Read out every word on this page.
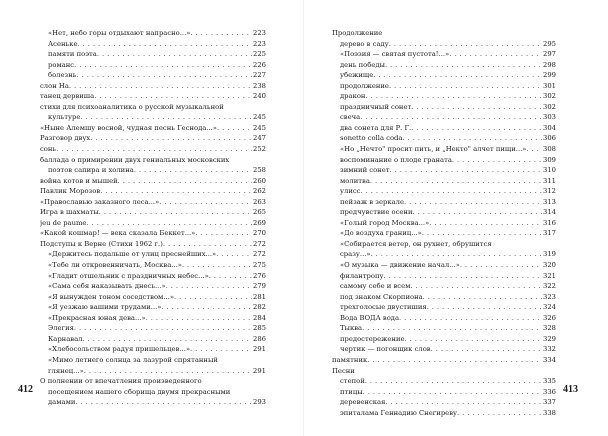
«Нет, небо горы отдыхают напрасно...» . . .	223
Асеньке . . .	223
памяти поэта . . .	225
романс . . .	226
болезнь . . .	227
слон На . . .	238
танец дервиша . . .	240
стихи для психоаналитика о русской музыкальной
культуре . . .	245
«Ныне Алемшу восной, чудная песнь Геснода...» . . .	245
Разговор двух . . .	247
сонь . . .	252
баллада о примирении двух гениальных московских
поэтов сапира и холина . . .	258
война котов и мышей . . .	260
Павлик Морозов . . .	262
«Православью заказного леса...» . . .	263
Игра в шахматы . . .	265
jeu de paume . . .	269
«Какой кошмар! — века сказала Беккет...» . . .	270
Подступы к Верне (Стихи 1962 г.) . . .	272
«Держитесь подальше от улиц преснейших...» . . .	272
«Тебе ли откровенничать, Москва...» . . .	275
«Гладит отшельник с праздничных небес...» . . .	276
«Сама себя наказывать днесь...» . . .	279
«Я вынужден тоном соседством...» . . .	281
«Я уезжаю вашими трудами...» . . .	282
«Прекрасная юная дева...» . . .	284
Элегия . . .	285
Карнавал . . .	286
«Хлебосольством радуя пришельцев...» . . .	291
«Мимо летнего солнца за лазурой спрятанный
глянец...» . . .	291
О полнении от впечатления произведенного
посещением нашего сборища двумя прекрасными
дамами . . .	293
Продолжение
дерево в саду . . .	295
«Поэзия — святая пустота!...» . . .	297
день победы . . .	298
убежище . . .	299
продолжение . . .	301
дракон . . .	302
праздничный сонет . . .	302
свеча . . .	303
два сонета для Р. Г. . . .	304
sonetto colla coda . . .	306
«Но „Нечто" просит пить, и „Некто" алчет пищи...» . . . 308
воспоминание о плоде граната . . .	309
зимний сонет . . .	310
молитва . . .	311
улисс . . .	312
пейзаж в зеркале . . .	313
предчувствие осени . . .	314
«Голый город Москва...» . . .	316
«До воздуха границ...» . . .	317
«Собирается ветер, он рухнет, обрушится
сразу...» . . .	319
«О музыка — движение начал...» . . .	320
филантропу . . .	321
самому себе и всем . . .	322
под знаком Скорпиона . . .	323
трехголосые двустишия . . .	324
Вода ВОДА вода . . .	326
Тыква . . .	328
предостережение . . .	329
чертик — погонщик слов . . .	332
памятник . . .	334
Песни
степой . . .	335
птицы . . .	336
деревенская . . .	337
эпиталама Геннадию Снегиреву . . .	338
412	413
